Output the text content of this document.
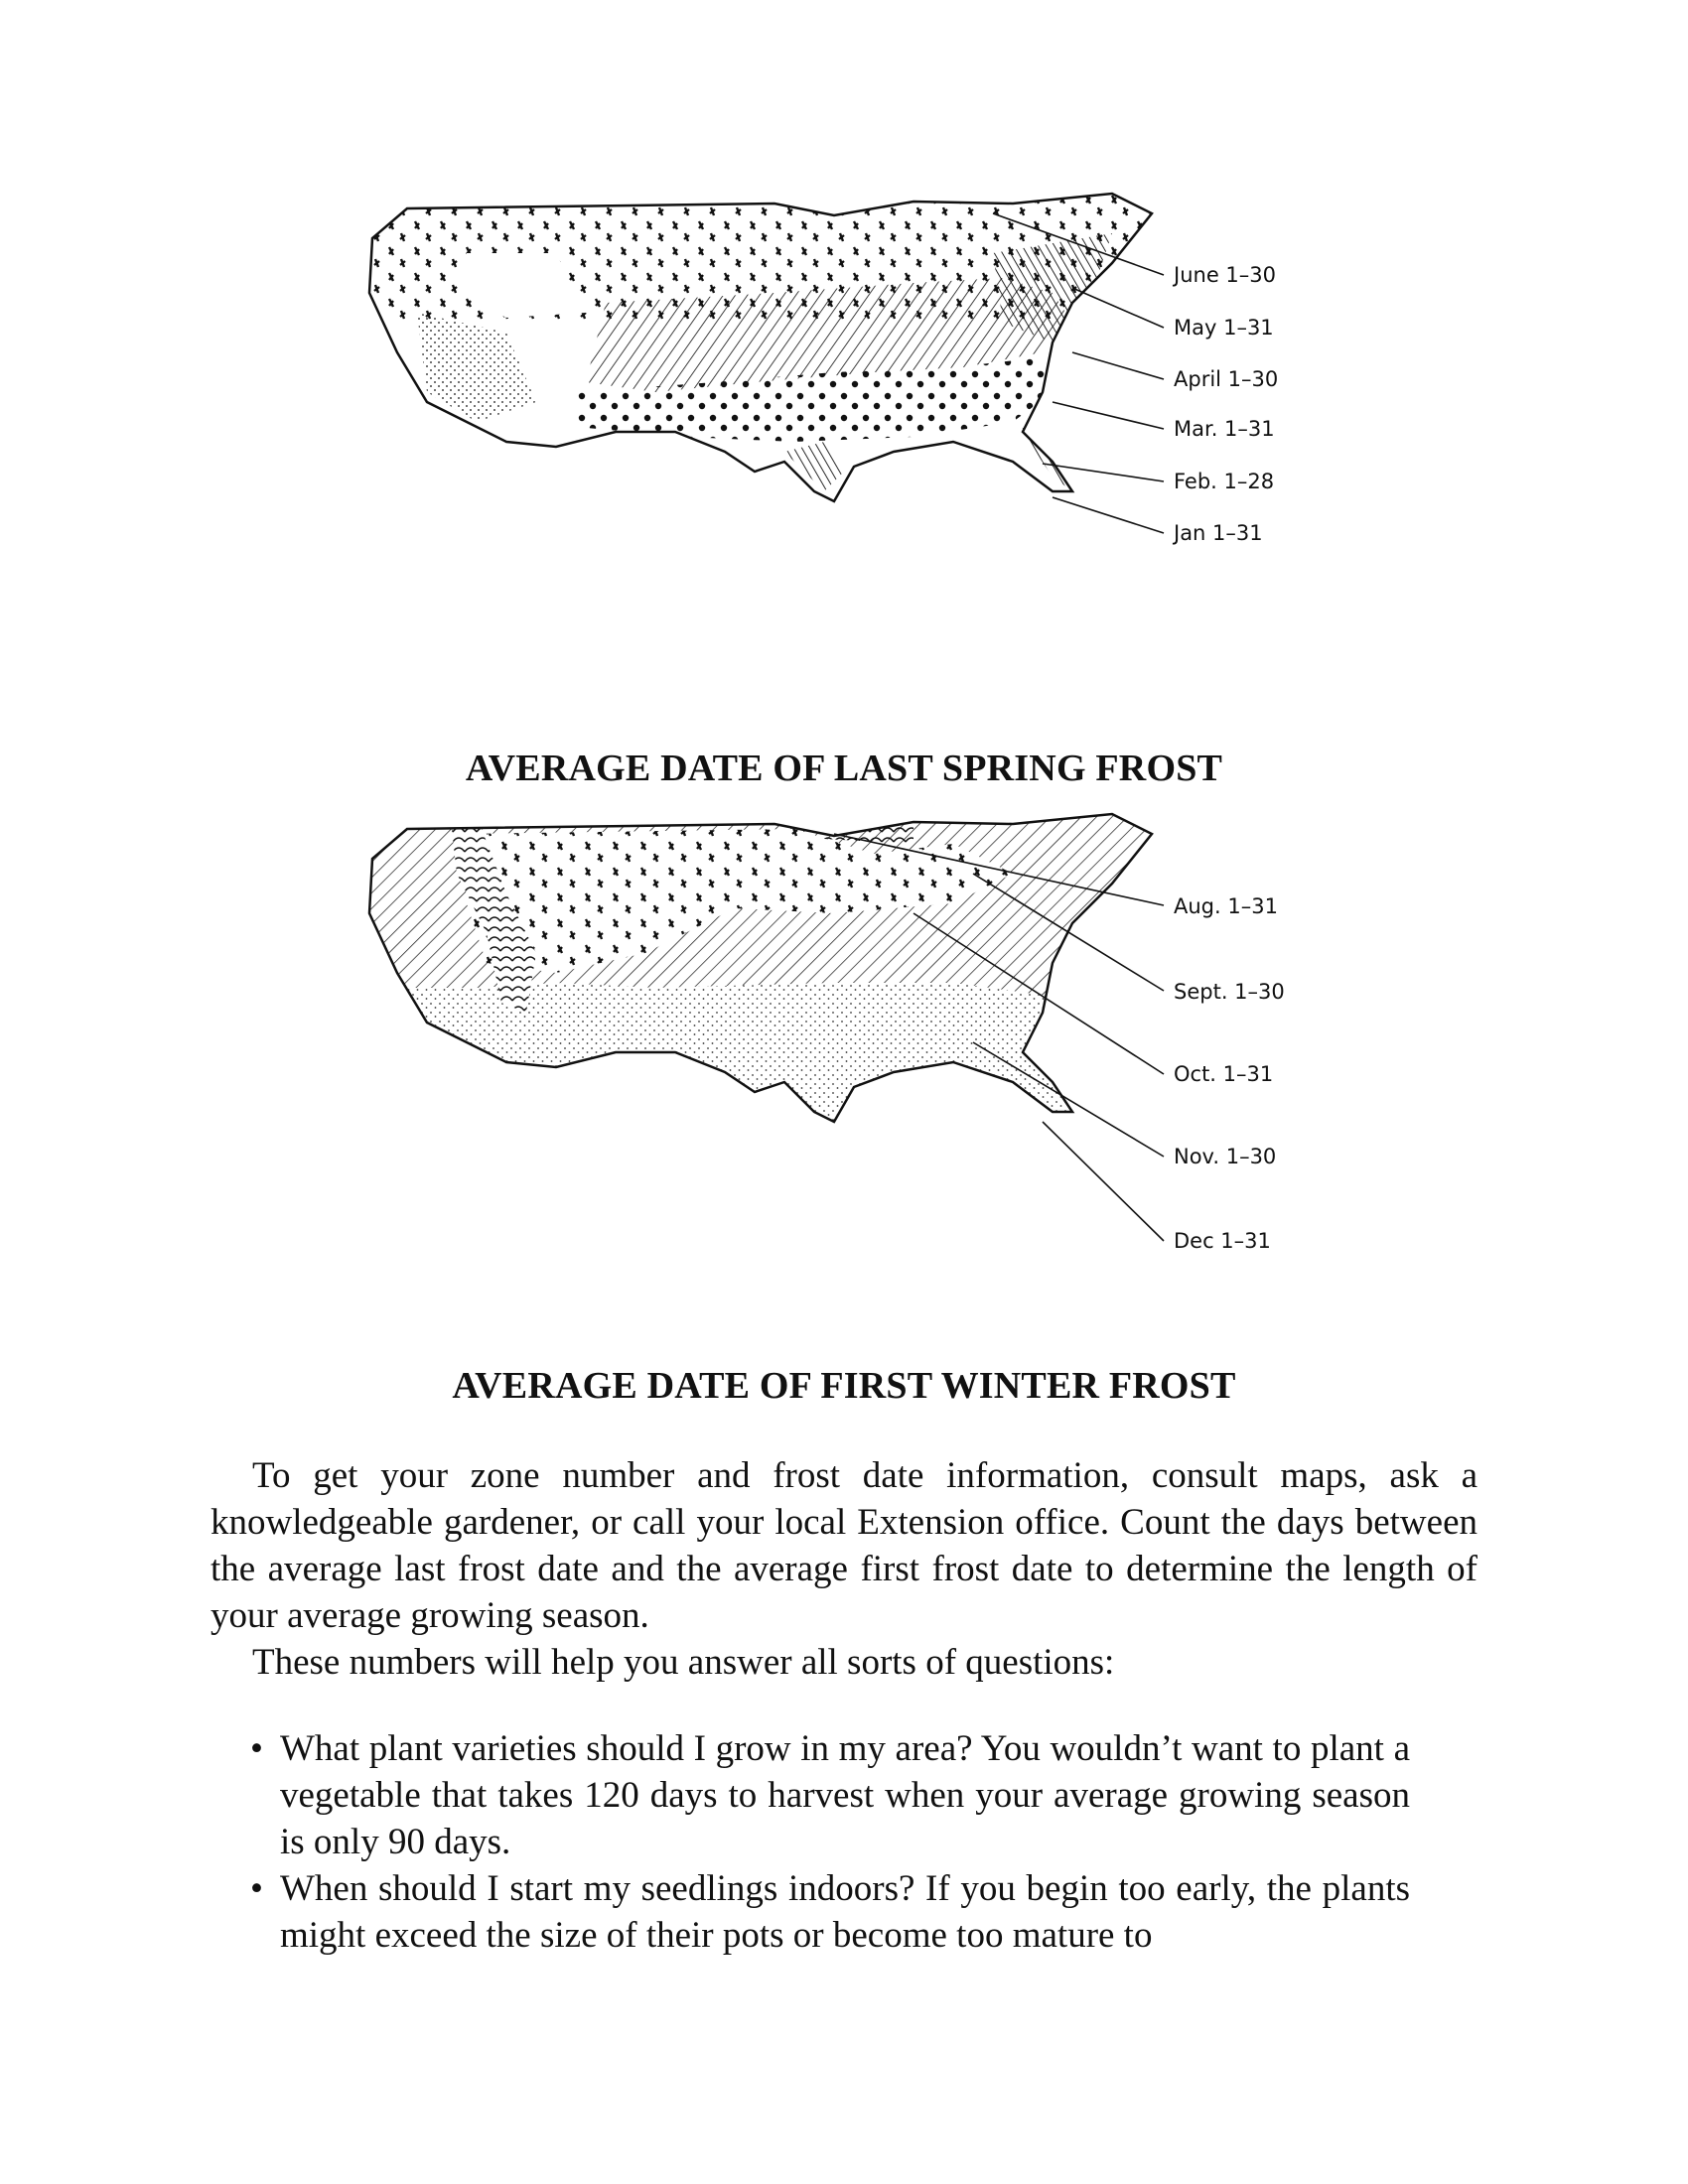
June 1–30
May 1–31
April 1–30
Mar. 1–31
Feb. 1–28
Jan 1–31
AVERAGE DATE OF LAST SPRING FROST
Aug. 1–31
Sept. 1–30
Oct. 1–31
Nov. 1–30
Dec 1–31
AVERAGE DATE OF FIRST WINTER FROST

To get your zone number and frost date information, consult maps, ask a knowledgeable gardener, or call your local Extension office. Count the days between the average last frost date and the average first frost date to determine the length of your average growing season.

These numbers will help you answer all sorts of questions:

• What plant varieties should I grow in my area? You wouldn’t want to plant a vegetable that takes 120 days to harvest when your average growing season is only 90 days.
• When should I start my seedlings indoors? If you begin too early, the plants might exceed the size of their pots or become too mature to
